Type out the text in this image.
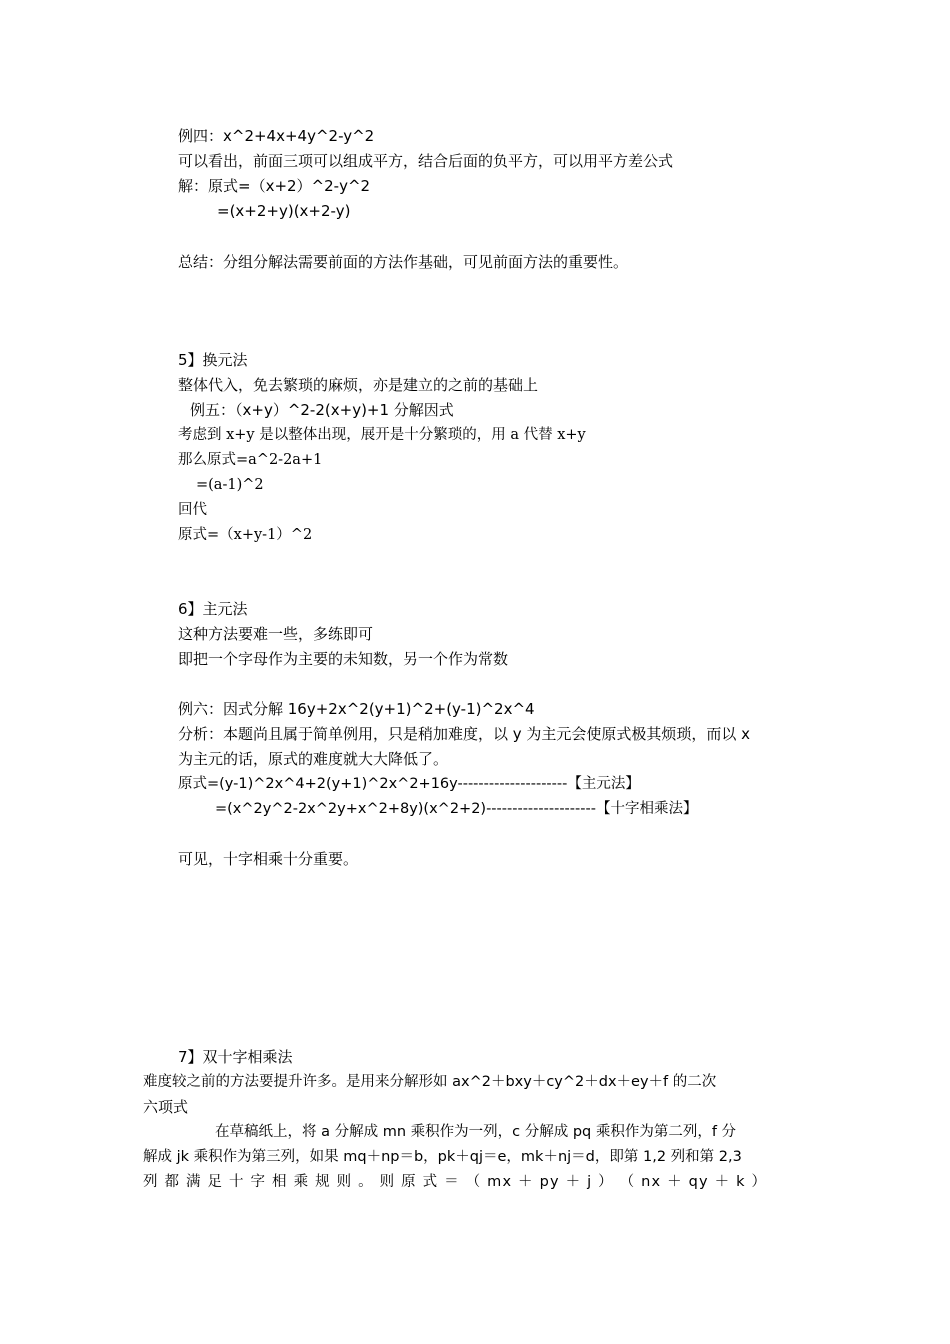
例四：x^2+4x+4y^2-y^2
可以看出，前面三项可以组成平方，结合后面的负平方，可以用平方差公式
解：原式=（x+2）^2-y^2
=(x+2+y)(x+2-y)
总结：分组分解法需要前面的方法作基础，可见前面方法的重要性。
5】换元法
整体代入，免去繁琐的麻烦，亦是建立的之前的基础上
例五：（x+y）^2-2(x+y)+1 分解因式
考虑到 x+y 是以整体出现，展开是十分繁琐的，用 a 代替 x+y
那么原式=a^2-2a+1
=(a-1)^2
回代
原式=（x+y-1）^2
6】主元法
这种方法要难一些，多练即可
即把一个字母作为主要的未知数，另一个作为常数
例六：因式分解 16y+2x^2(y+1)^2+(y-1)^2x^4
分析：本题尚且属于简单例用，只是稍加难度，以 y 为主元会使原式极其烦琐，而以 x
为主元的话，原式的难度就大大降低了。
原式=(y-1)^2x^4+2(y+1)^2x^2+16y---------------------【主元法】
=(x^2y^2-2x^2y+x^2+8y)(x^2+2)---------------------【十字相乘法】
可见，十字相乘十分重要。
7】双十字相乘法
难度较之前的方法要提升许多。是用来分解形如 ax^2＋bxy＋cy^2＋dx＋ey＋f 的二次
六项式
在草稿纸上，将 a 分解成 mn 乘积作为一列，c 分解成 pq 乘积作为第二列，f 分
解成 jk 乘积作为第三列，如果 mq＋np＝b，pk＋qj＝e，mk＋nj＝d，即第 1,2 列和第 2,3
列 都 满 足 十 字 相 乘 规 则 。 则 原 式 ＝ （ mx ＋ py ＋ j ） （ nx ＋ qy ＋ k ）
